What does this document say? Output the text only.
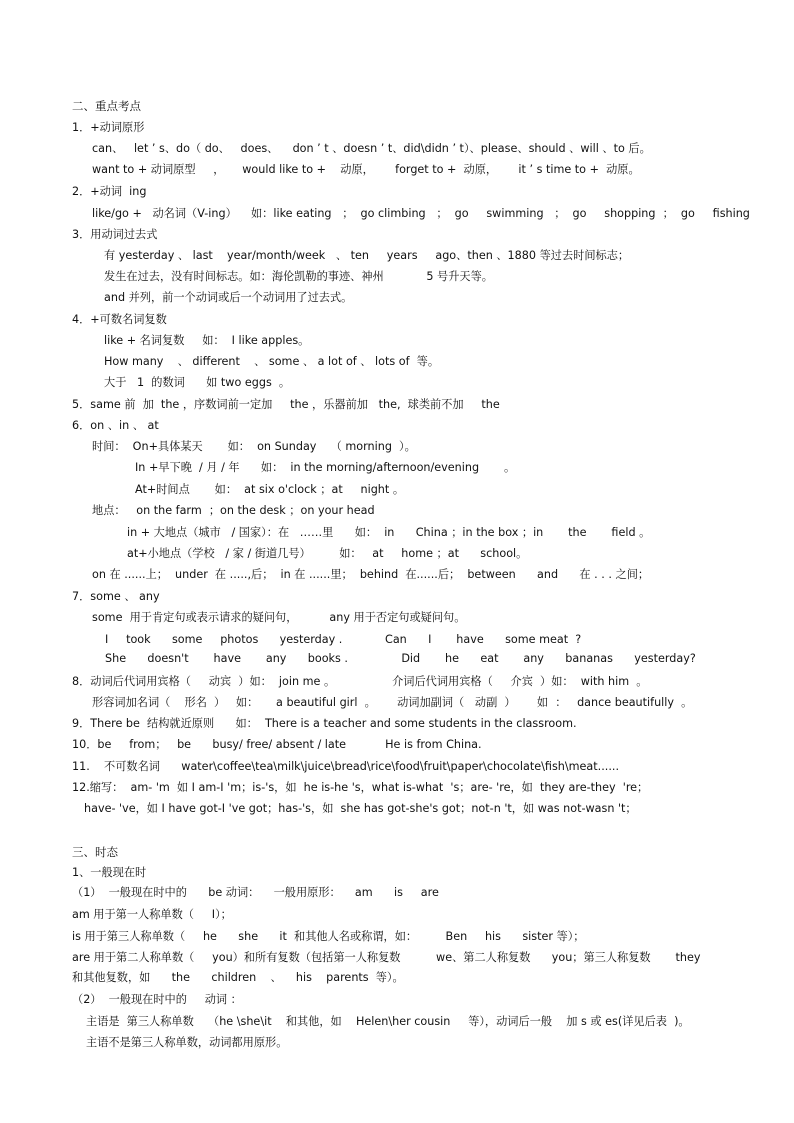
二、重点考点
1．+动词原形
can、   let ’ s、do（ do、   does、    don ’ t 、doesn ’ t、did\didn ’ t）、please、should 、will 、to 后。
want to + 动词原型     ，     would like to +    动原，      forget to +  动原，      it ’ s time to +  动原。
2．+动词  ing
like/go +   动名词（V-ing）    如：like eating   ；  go climbing   ；  go     swimming   ；  go     shopping  ；  go     fishing
3．用动词过去式
有 yesterday 、 last    year/month/week   、 ten     years     ago、then 、1880 等过去时间标志；
发生在过去，没有时间标志。如：海伦凯勒的事迹、神州            5 号升天等。
and 并列，前一个动词或后一个动词用了过去式。
4．+可数名词复数
like + 名词复数     如：  I like apples。
How many    、 different    、 some 、 a lot of 、 lots of  等。
大于   1  的数词      如 two eggs  。
5．same 前  加  the ，序数词前一定加     the ，乐器前加   the,  球类前不加     the
6．on 、in 、 at
时间：  On+具体某天       如：  on Sunday    （ morning  ）。
In +早下晚  / 月 / 年      如：  in the morning/afternoon/evening       。
At+时间点       如：  at six o'clock ；at     night 。
地点：   on the farm  ；on the desk ；on your head
in + 大地点（城市   / 国家）：在   ……里      如：  in      China ；in the box ；in       the       field 。
at+小地点（学校   / 家 / 街道几号）        如：   at     home ；at      school。
on 在 ......上；  under  在 .....,后；  in 在 ......里；  behind  在......后；  between      and      在 . . . 之间；
7．some 、 any
some  用于肯定句或表示请求的疑问句，         any 用于否定句或疑问句。
I     took      some     photos      yesterday .            Can      I       have      some meat  ?
She      doesn't       have       any      books .               Did       he      eat       any      bananas      yesterday?
8．动词后代词用宾格（     动宾  ）如：  join me 。                介词后代词用宾格（     介宾  ）如：  with him  。
形容词加名词（    形名  ）   如：     a beautiful girl  。      动词加副词（   动副  ）      如  ：   dance beautifully  。
9．There be  结构就近原则      如：  There is a teacher and some students in the classroom.
10．be     from；   be      busy/ free/ absent / late           He is from China.
11.    不可数名词      water\coffee\tea\milk\juice\bread\rice\food\fruit\paper\chocolate\fish\meat......
12.缩写：  am- 'm  如 I am-I 'm；is-'s，如  he is-he 's，what is-what  's；are- 're，如  they are-they  're；
have- 've，如 I have got-I 've got；has-'s，如  she has got-she's got；not-n 't，如 was not-wasn 't；
三、时态
1、一般现在时
（1）  一般现在时中的      be 动词：    一般用原形：    am      is     are
am 用于第一人称单数（     I）；
is 用于第三人称单数（     he      she      it  和其他人名或称谓，如：        Ben     his      sister 等）；
are 用于第二人称单数（     you）和所有复数（包括第一人称复数          we、第二人称复数      you；第三人称复数       they
和其他复数，如      the      children    、    his    parents  等）。
（2）  一般现在时中的     动词 ：
主语是  第三人称单数    （he \she\it    和其他，如    Helen\her cousin     等），动词后一般    加 s 或 es(详见后表  )。
主语不是第三人称单数，动词都用原形。
